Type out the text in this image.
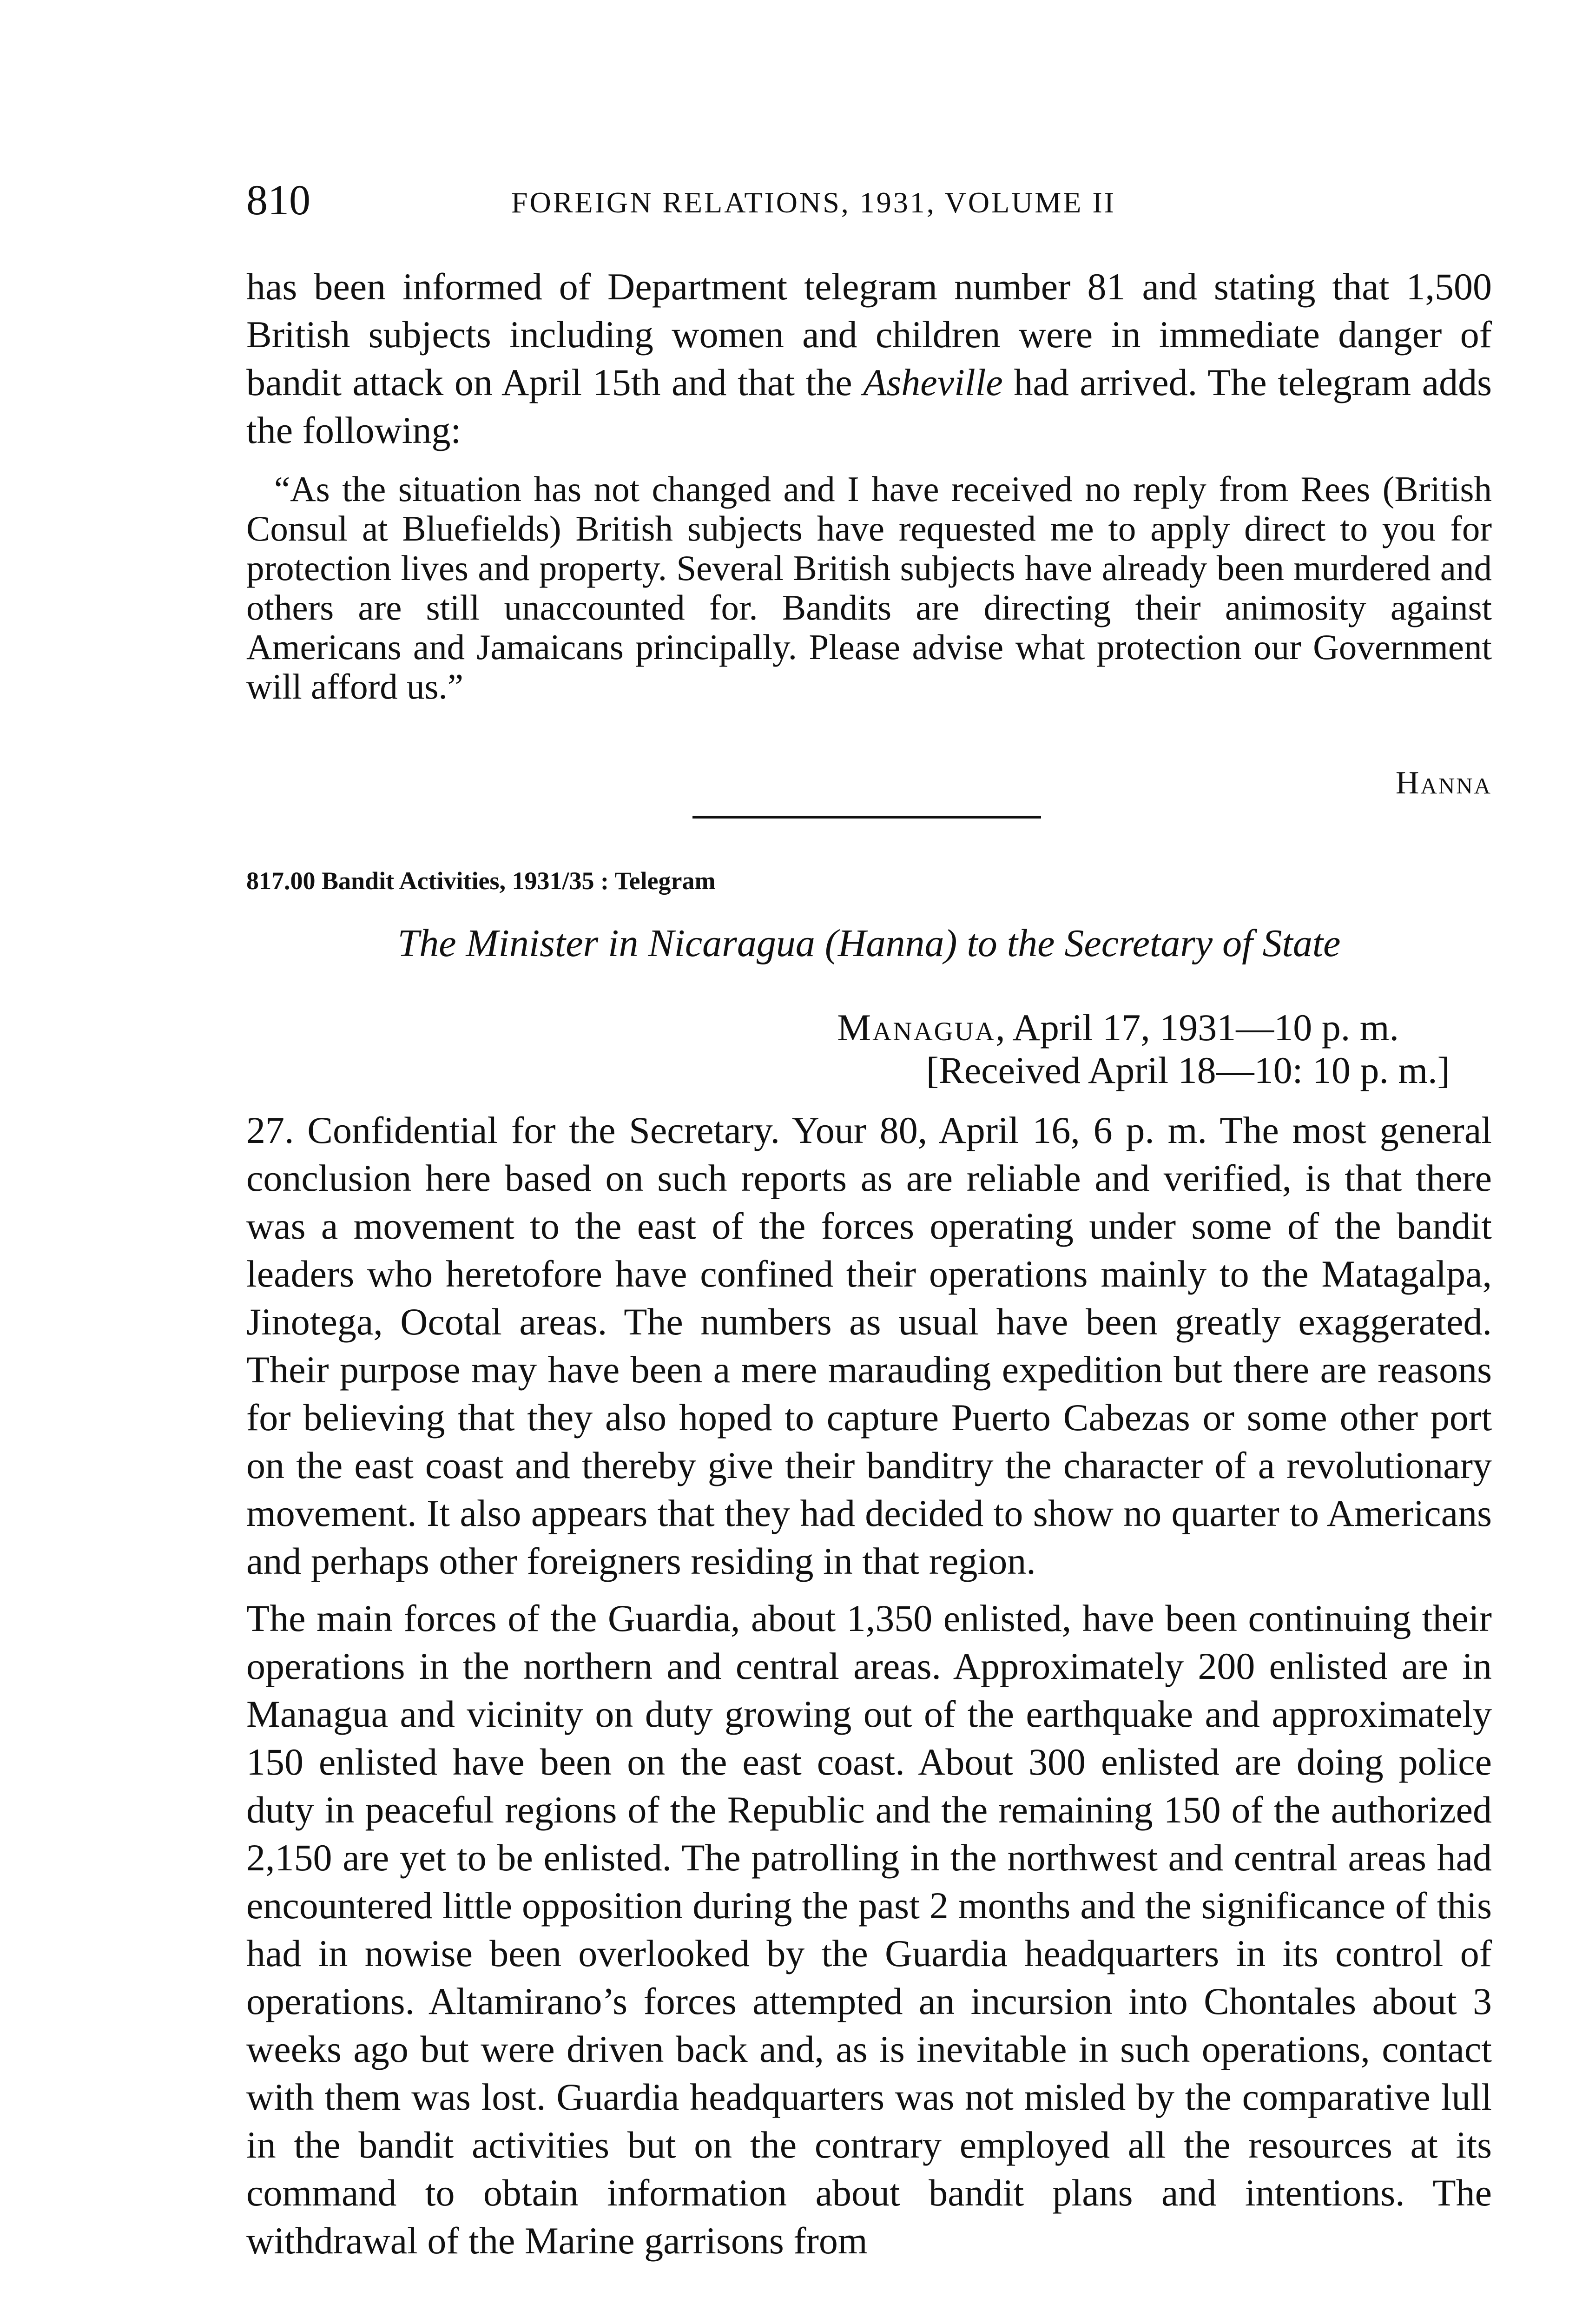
810	FOREIGN RELATIONS, 1931, VOLUME II

has been informed of Department telegram number 81 and stating that 1,500 British subjects including women and children were in immediate danger of bandit attack on April 15th and that the Asheville had arrived. The telegram adds the following:

“As the situation has not changed and I have received no reply from Rees (British Consul at Bluefields) British subjects have requested me to apply direct to you for protection lives and property. Several British subjects have already been murdered and others are still unaccounted for. Bandits are directing their animosity against Americans and Jamaicans principally. Please advise what protection our Government will afford us.”

Hanna
817.00 Bandit Activities, 1931/35 : Telegram
The Minister in Nicaragua (Hanna) to the Secretary of State
Managua, April 17, 1931—10 p. m.
[Received April 18—10: 10 p. m.]

27. Confidential for the Secretary. Your 80, April 16, 6 p. m. The most general conclusion here based on such reports as are reliable and verified, is that there was a movement to the east of the forces operating under some of the bandit leaders who heretofore have confined their operations mainly to the Matagalpa, Jinotega, Ocotal areas. The numbers as usual have been greatly exaggerated. Their purpose may have been a mere marauding expedition but there are reasons for believing that they also hoped to capture Puerto Cabezas or some other port on the east coast and thereby give their banditry the character of a revolutionary movement. It also appears that they had decided to show no quarter to Americans and perhaps other foreigners residing in that region.

The main forces of the Guardia, about 1,350 enlisted, have been continuing their operations in the northern and central areas. Approximately 200 enlisted are in Managua and vicinity on duty growing out of the earthquake and approximately 150 enlisted have been on the east coast. About 300 enlisted are doing police duty in peaceful regions of the Republic and the remaining 150 of the authorized 2,150 are yet to be enlisted. The patrolling in the northwest and central areas had encountered little opposition during the past 2 months and the significance of this had in nowise been overlooked by the Guardia headquarters in its control of operations. Altamirano’s forces attempted an incursion into Chontales about 3 weeks ago but were driven back and, as is inevitable in such operations, contact with them was lost. Guardia headquarters was not misled by the comparative lull in the bandit activities but on the contrary employed all the resources at its command to obtain information about bandit plans and intentions. The withdrawal of the Marine garrisons from
